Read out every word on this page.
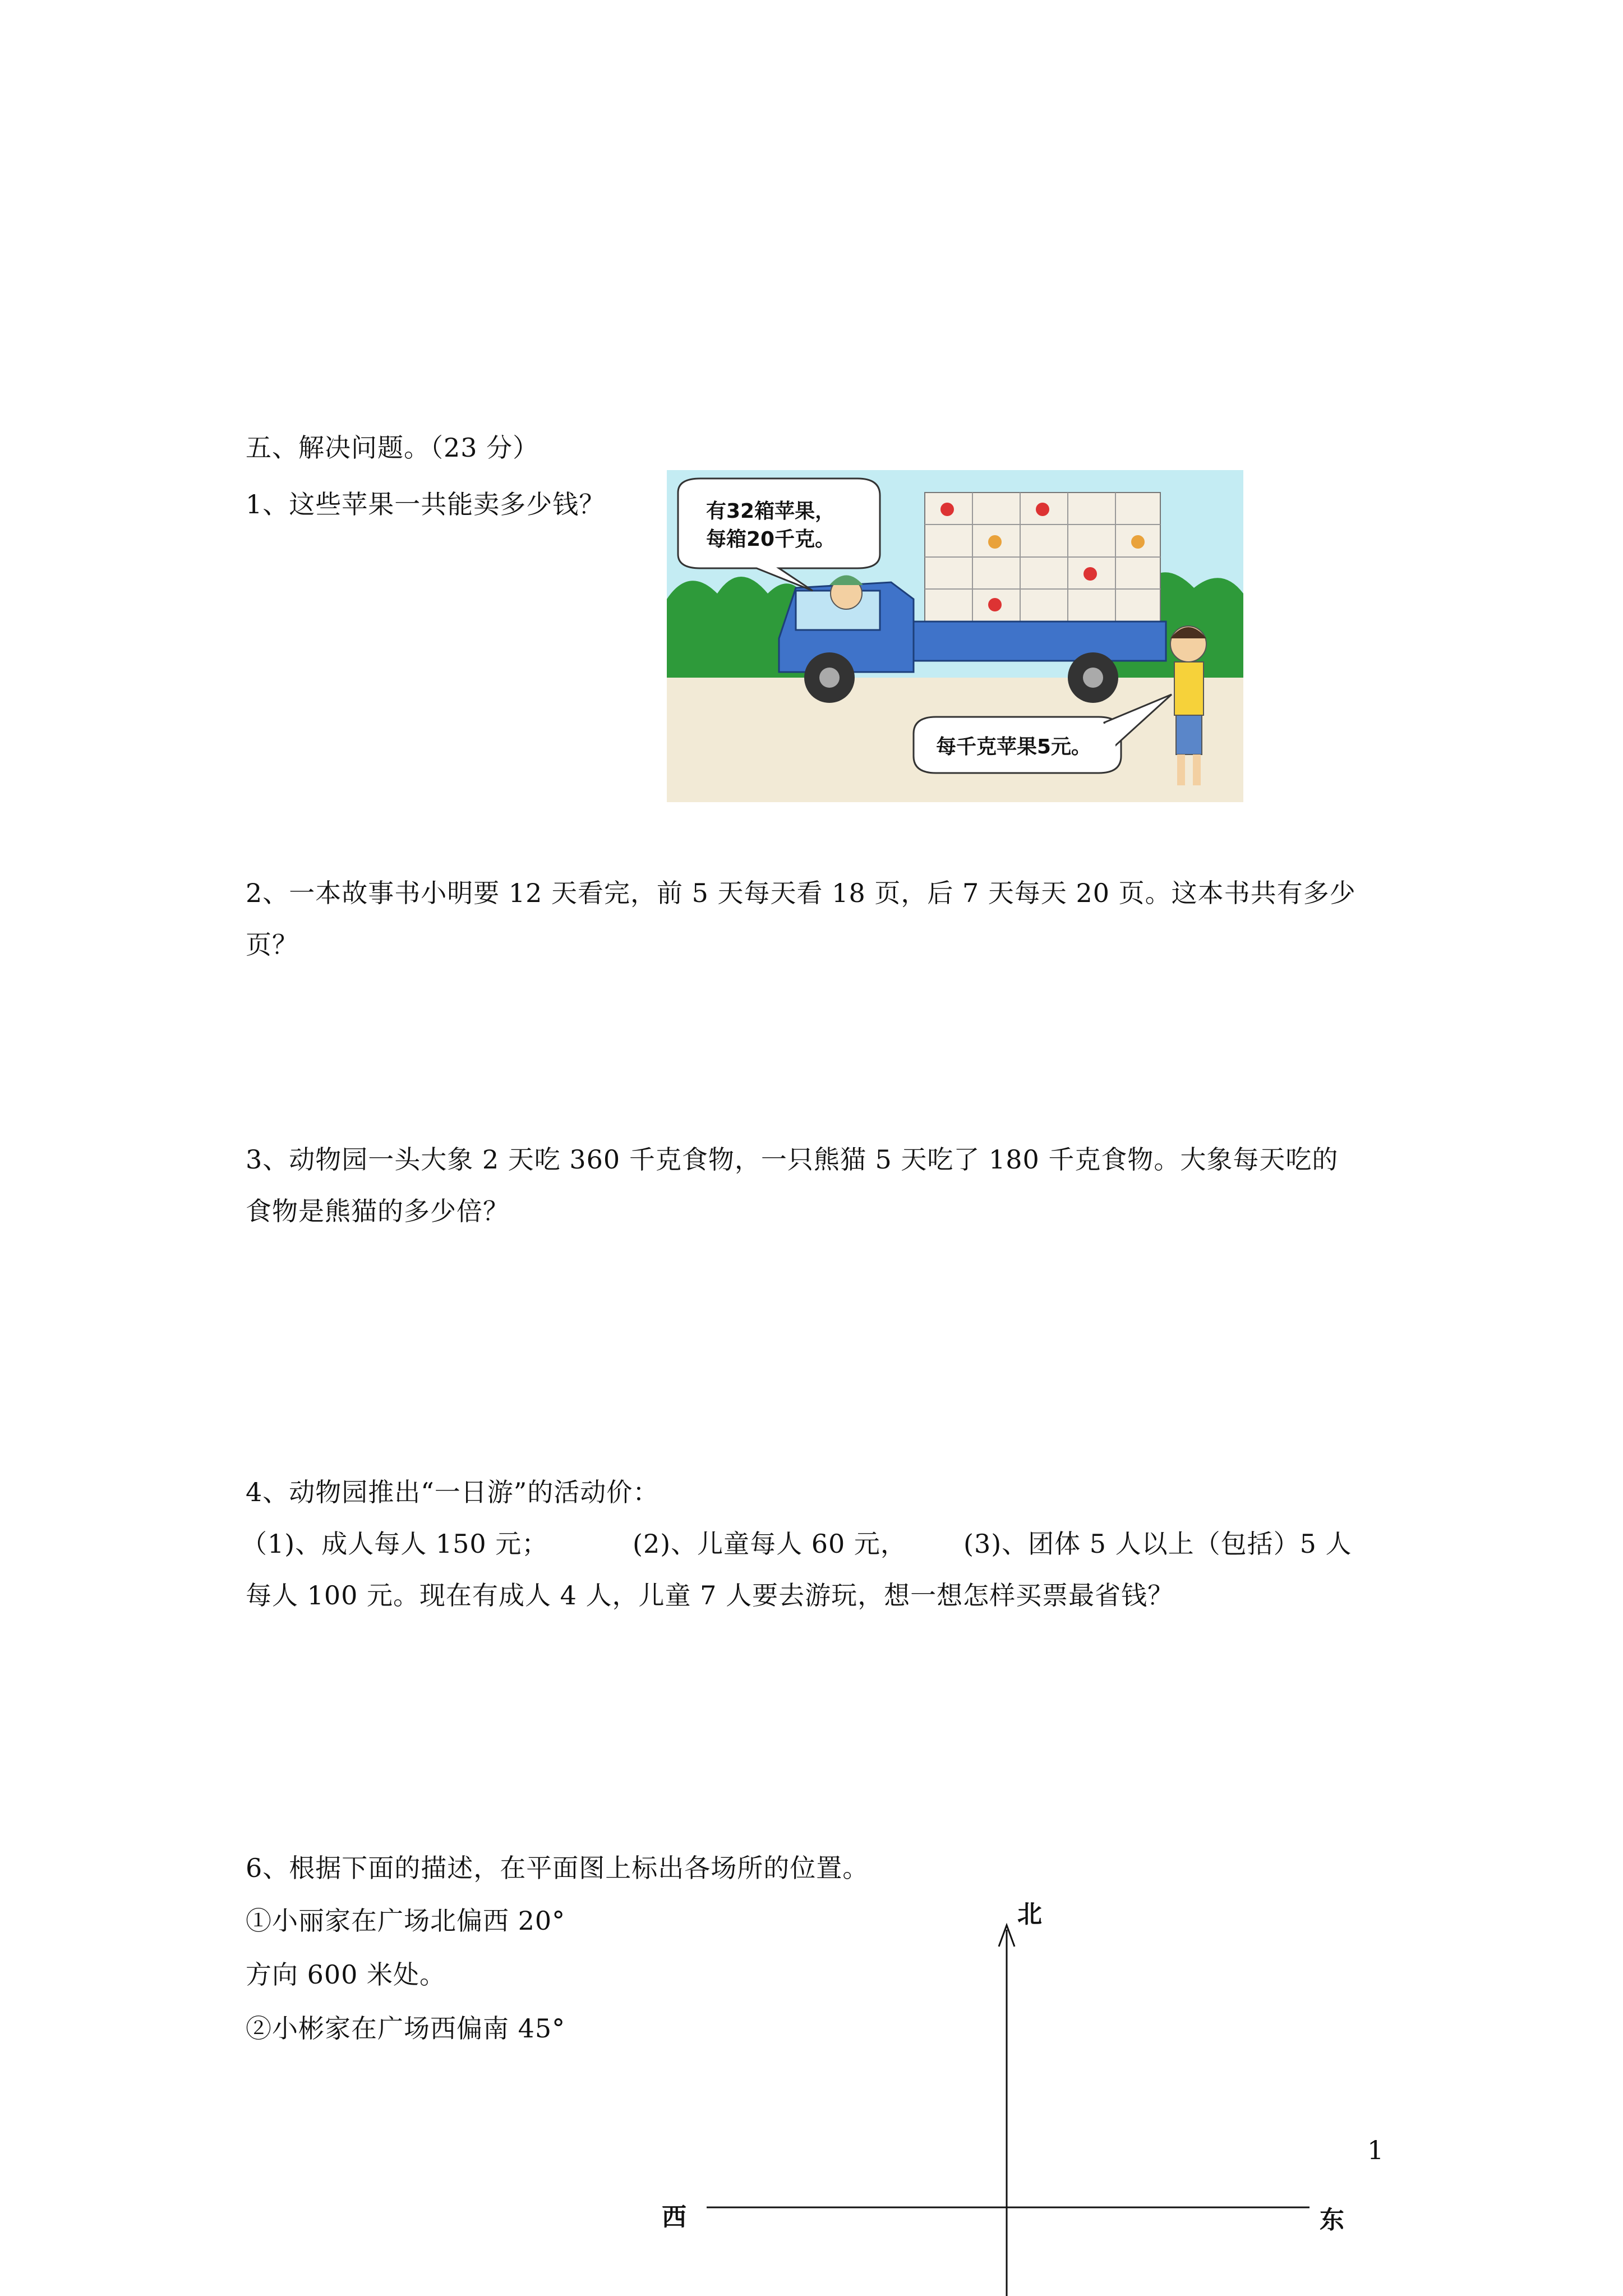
五、解决问题。（23 分）
1、这些苹果一共能卖多少钱？	有32箱苹果，
每箱20千克。
每千克苹果5元。
2、一本故事书小明要 12 天看完，前 5 天每天看 18 页，后 7 天每天 20 页。这本书共有多少
页？
3、动物园一头大象 2 天吃 360 千克食物，一只熊猫 5 天吃了 180 千克食物。大象每天吃的
食物是熊猫的多少倍？
4、动物园推出“一日游”的活动价：
（1)、成人每人 150 元；	(2)、儿童每人 60 元， (3)、团体 5 人以上（包括）5 人
每人 100 元。现在有成人 4 人，儿童 7 人要去游玩，想一想怎样买票最省钱？
6、根据下面的描述，在平面图上标出各场所的位置。
①小丽家在广场北偏西 20°
方向 600 米处。
②小彬家在广场西偏南 45°
北
西	东
1
